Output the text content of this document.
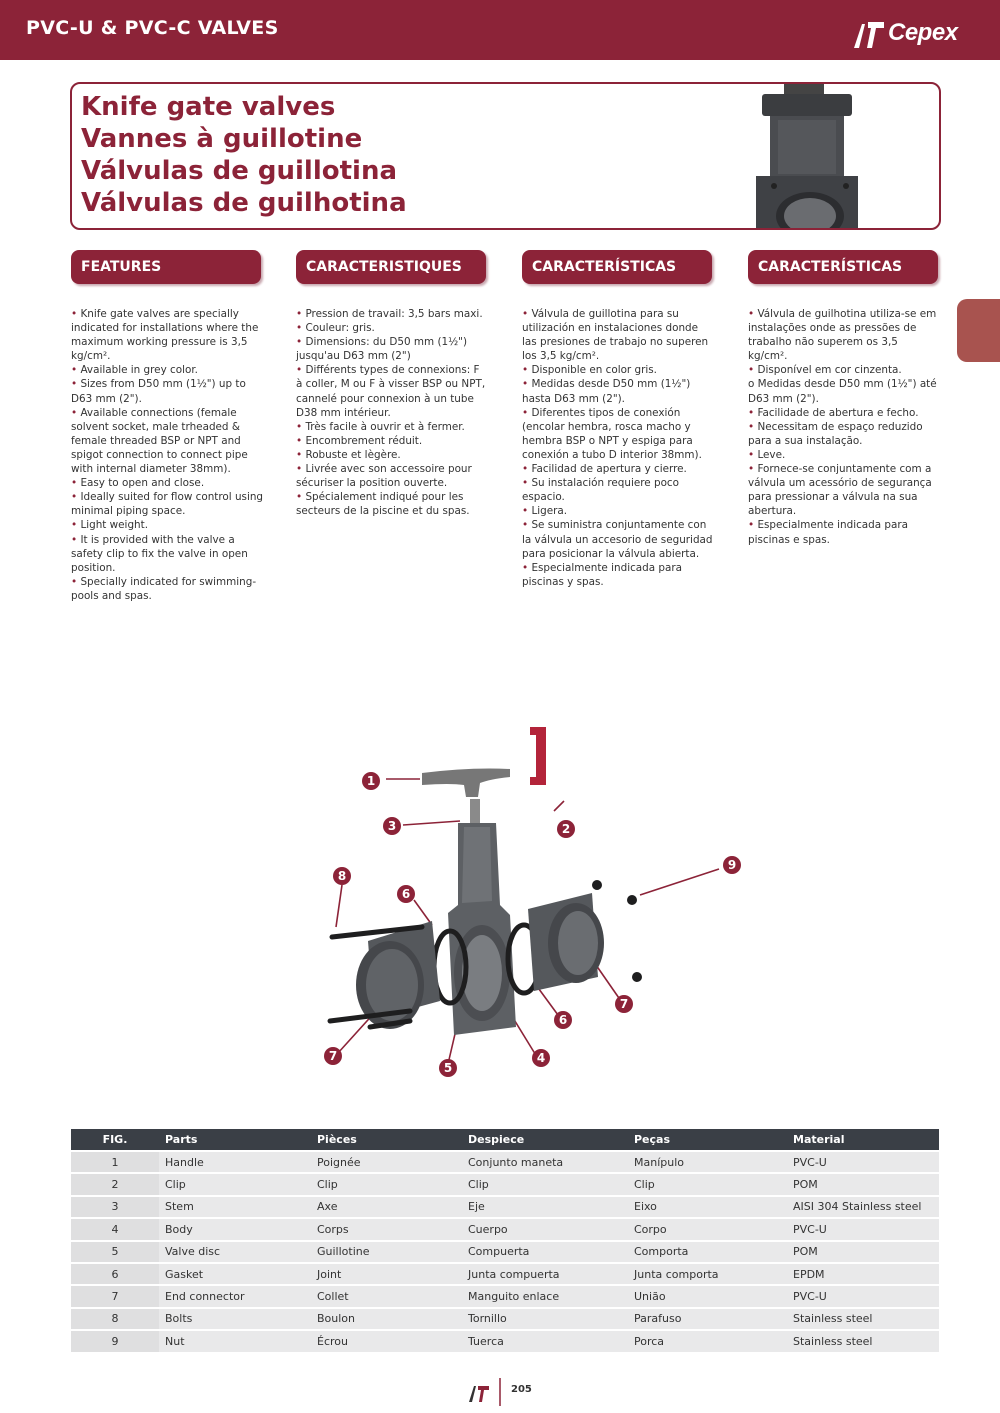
PVC-U & PVC-C VALVES	Cepex
Knife gate valves
Vannes à guillotine
Válvulas de guillotina
Válvulas de guilhotina
FEATURES	CARACTERISTIQUES	CARACTERÍSTICAS	CARACTERÍSTICAS

• Knife gate valves are specially indicated for installations where the maximum working pressure is 3,5 kg/cm².

• Available in grey color.

• Sizes from D50 mm (1½") up to D63 mm (2").

• Available connections (female solvent socket, male trheaded & female threaded BSP or NPT and spigot connection to connect pipe with internal diameter 38mm).

• Easy to open and close.

• Ideally suited for flow control using minimal piping space.

• Light weight.

• It is provided with the valve a safety clip to fix the valve in open position.

• Specially indicated for swimming-pools and spas.

• Pression de travail: 3,5 bars maxi.

• Couleur: gris.

• Dimensions: du D50 mm (1½") jusqu'au D63 mm (2")

• Différents types de connexions: F à coller, M ou F à visser BSP ou NPT, cannelé pour connexion à un tube D38 mm intérieur.

• Très facile à ouvrir et à fermer.

• Encombrement réduit.

• Robuste et lègère.

• Livrée avec son accessoire pour sécuriser la position ouverte.

• Spécialement indiqué pour les secteurs de la piscine et du spas.

• Válvula de guillotina para su utilización en instalaciones donde las presiones de trabajo no superen los 3,5 kg/cm².

• Disponible en color gris.

• Medidas desde D50 mm (1½") hasta D63 mm (2").

• Diferentes tipos de conexión (encolar hembra, rosca macho y hembra BSP o NPT y espiga para conexión a tubo D interior 38mm).

• Facilidad de apertura y cierre.

• Su instalación requiere poco espacio.

• Ligera.

• Se suministra conjuntamente con la válvula un accesorio de seguridad para posicionar la válvula abierta.

• Especialmente indicada para piscinas y spas.

• Válvula de guilhotina utiliza-se em instalações onde as pressões de trabalho não superem os 3,5 kg/cm².

• Disponível em cor cinzenta.

o Medidas desde D50 mm (1½") até D63 mm (2").

• Facilidade de abertura e fecho.

• Necessitam de espaço reduzido para a sua instalação.

• Leve.

• Fornece-se conjuntamente com a válvula um acessório de segurança para pressionar a válvula na sua abertura.

• Especialmente indicada para piscinas e spas.

1
2
3
4
5
6
6
7
7
8
9
FIG.	Parts	Pièces	Despiece	Peças	Material
1	Handle	Poignée	Conjunto maneta	Manípulo	PVC-U
2	Clip	Clip	Clip	Clip	POM
3	Stem	Axe	Eje	Eixo	AISI 304 Stainless steel
4	Body	Corps	Cuerpo	Corpo	PVC-U
5	Valve disc	Guillotine	Compuerta	Comporta	POM
6	Gasket	Joint	Junta compuerta	Junta comporta	EPDM
7	End connector	Collet	Manguito enlace	União	PVC-U
8	Bolts	Boulon	Tornillo	Parafuso	Stainless steel
9	Nut	Écrou	Tuerca	Porca	Stainless steel
205
